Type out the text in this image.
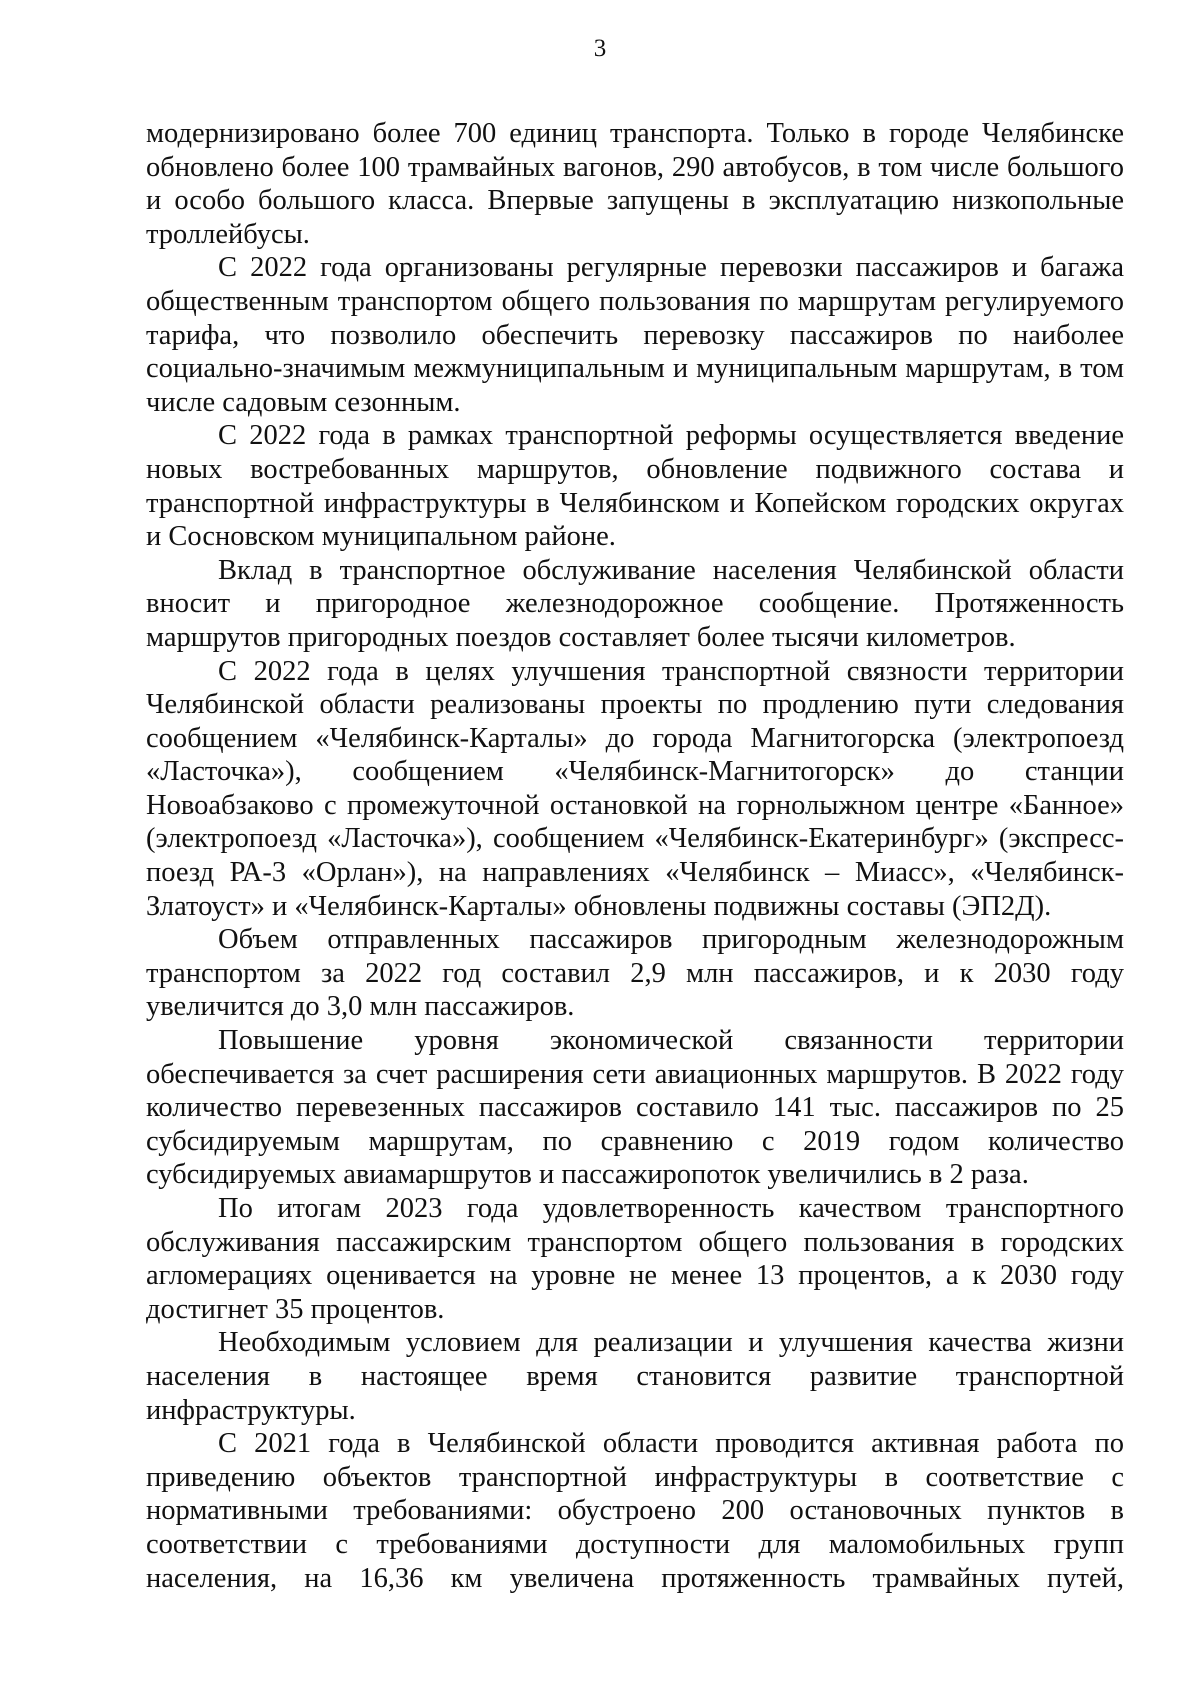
3

модернизировано более 700 единиц транспорта. Только в городе Челябинске обновлено более 100 трамвайных вагонов, 290 автобусов, в том числе большого и особо большого класса. Впервые запущены в эксплуатацию низкопольные троллейбусы.

С 2022 года организованы регулярные перевозки пассажиров и багажа общественным транспортом общего пользования по маршрутам регулируемого тарифа, что позволило обеспечить перевозку пассажиров по наиболее социально-значимым межмуниципальным и муниципальным маршрутам, в том числе садовым сезонным.

С 2022 года в рамках транспортной реформы осуществляется введение новых востребованных маршрутов, обновление подвижного состава и транспортной инфраструктуры в Челябинском и Копейском городских округах и Сосновском муниципальном районе.

Вклад в транспортное обслуживание населения Челябинской области вносит и пригородное железнодорожное сообщение. Протяженность маршрутов пригородных поездов составляет более тысячи километров.

С 2022 года в целях улучшения транспортной связности территории Челябинской области реализованы проекты по продлению пути следования сообщением «Челябинск-Карталы» до города Магнитогорска (электропоезд «Ласточка»), сообщением «Челябинск-Магнитогорск» до станции Новоабзаково с промежуточной остановкой на горнолыжном центре «Банное» (электропоезд «Ласточка»), сообщением «Челябинск-Екатеринбург» (экспресс-поезд РА-3 «Орлан»), на направлениях «Челябинск – Миасс», «Челябинск-Златоуст» и «Челябинск-Карталы» обновлены подвижны составы (ЭП2Д).

Объем отправленных пассажиров пригородным железнодорожным транспортом за 2022 год составил 2,9 млн пассажиров, и к 2030 году увеличится до 3,0 млн пассажиров.

Повышение уровня экономической связанности территории обеспечивается за счет расширения сети авиационных маршрутов. В 2022 году количество перевезенных пассажиров составило 141 тыс. пассажиров по 25 субсидируемым маршрутам, по сравнению с 2019 годом количество субсидируемых авиамаршрутов и пассажиропоток увеличились в 2 раза.

По итогам 2023 года удовлетворенность качеством транспортного обслуживания пассажирским транспортом общего пользования в городских агломерациях оценивается на уровне не менее 13 процентов, а к 2030 году достигнет 35 процентов.

Необходимым условием для реализации и улучшения качества жизни населения в настоящее время становится развитие транспортной инфраструктуры.

С 2021 года в Челябинской области проводится активная работа по приведению объектов транспортной инфраструктуры в соответствие с нормативными требованиями: обустроено 200 остановочных пунктов в соответствии с требованиями доступности для маломобильных групп населения, на 16,36 км увеличена протяженность трамвайных путей,
